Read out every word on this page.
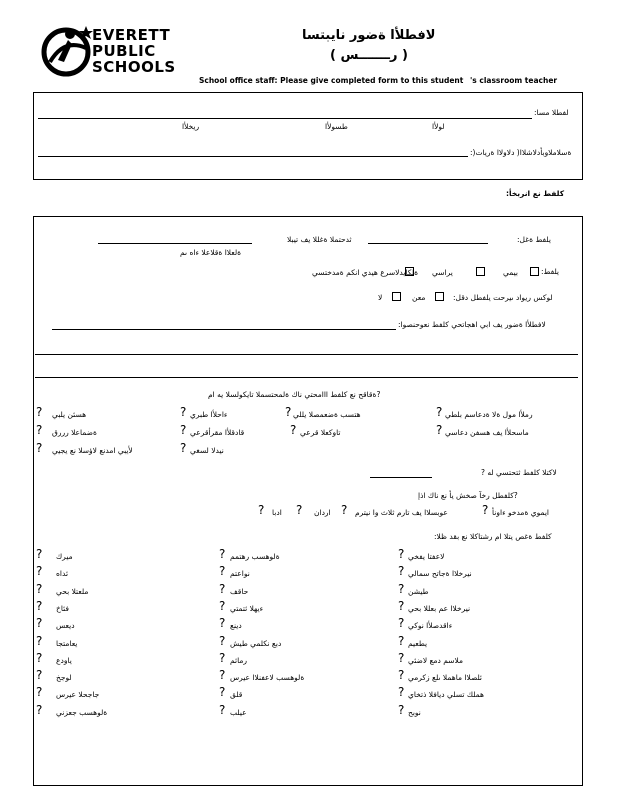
EVERETT
PUBLIC
SCHOOLS
لافطلأا ةضور نايبتسا
( رـــــــس )
School office staff: Please give completed form to this student 's classroom teacher
لفطلا مسا:
لولأا
طسولأا
ريخلأا
ةسلاملاوبأدلاشلاا( دلاولاا ةريات(:
كلفط نع انربخأ:
يلفط ةغل:
ثدحتملا ةغللا يف تيبلا
ةلعلاا ةقلاعلا ءاه ىم
يلفط:
بيمي
يراسي
ةلكايدلاسرع هيدي انكم ةمدختسي
لوكس ريواد ىيرحت يلفطل دقل:
معن
لا
لافطلأا ةضور يف ابي اهجاتحي كلفط نعوحنصوا:
?ةقاقح نع كلفط ااامحتي ناك ةلمحتسملا تايكولسلا يه ام
رملأا مول ةلا ةدعاسم بلطي
?
هتسب ةضعمصلا يللي
?
ءاحلأا طبري
?
هسئن يلبي
?
ماسحلأا يف هسفن دعاسي
?
تاوكعلا قرعي
?
قادقلأا مقرأقرعي
?
ةضماعلا رررق
?
نيدلا لسغي
?
لأيبي امدنع لاؤسلا نع يجيي
?
لاكتلا كلفط ثتحتسي له ?
?كلفطل رخآ صخش يأ نع ناك اذإ
ايموي ةمدخو ءاونأ
?
عوبسلاا يف تارم ثلاث وا نيترم
?
اردان
?
ادبا
?
كلفط ةغص يتلا ام رشتاكلا نع بقد ظلا:
لاعفتا يفخي
?
ةلوهسب رهتمم
?
ميرك
?
نيرخلاا ةجاتح سمالي
?
نواعتم
?
ئداه
?
طيشن
?
حاقف
?
ملعتلا بحي
?
نيرخلاا عم بعللا بحي
?
ءيهلا ثتمتي
?
فئاخ
?
ءاقدصلأا نوكي
?
دينع
?
ديعس
?
يطعيم
?
دبع نكلمي طيش
?
يعامتجا
?
ملاسم دمع لاضئي
?
رماثم
?
ي‍اودع
?
ئلصلاا ماهملا ىلع زكرمي
?
ةلوهسب لاعفنلاا عيرس
?
لوجخ
?
هملك تسلي ديافلا ذتخاي
?
قلق
?
جاجحلا عيرس
?
نوبح
?
عيلب
?
ةلوهسب جعزني
?
